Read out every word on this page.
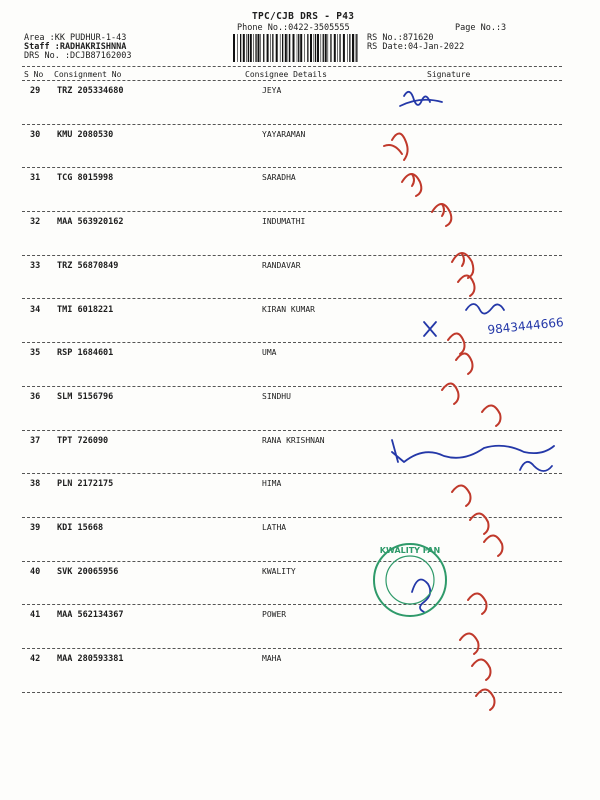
TPC/CJB DRS - P43
Phone No.:0422-3505555	Page No.:3
Area :KK PUDHUR-1-43
Staff :RADHAKRISHNNA
DRS No. :DCJB87162003
RS No.:871620
RS Date:04-Jan-2022
S No Consignment No	Consignee Details	Signature
29 TRZ 205334680	JEYA
30 KMU 2080530	YAYARAMAN
31 TCG 8015998	SARADHA
32 MAA 563920162	INDUMATHI
33 TRZ 56870849	RANDAVAR
34 TMI 6018221	KIRAN KUMAR
35 RSP 1684601	UMA
36 SLM 5156796	SINDHU
37 TPT 726090	RANA KRISHNAN
38 PLN 2172175	HIMA
39 KDI 15668	LATHA
40 SVK 20065956	KWALITY
41 MAA 562134367	POWER
42 MAA 280593381	MAHA
9843444666
KWALITY FAN
